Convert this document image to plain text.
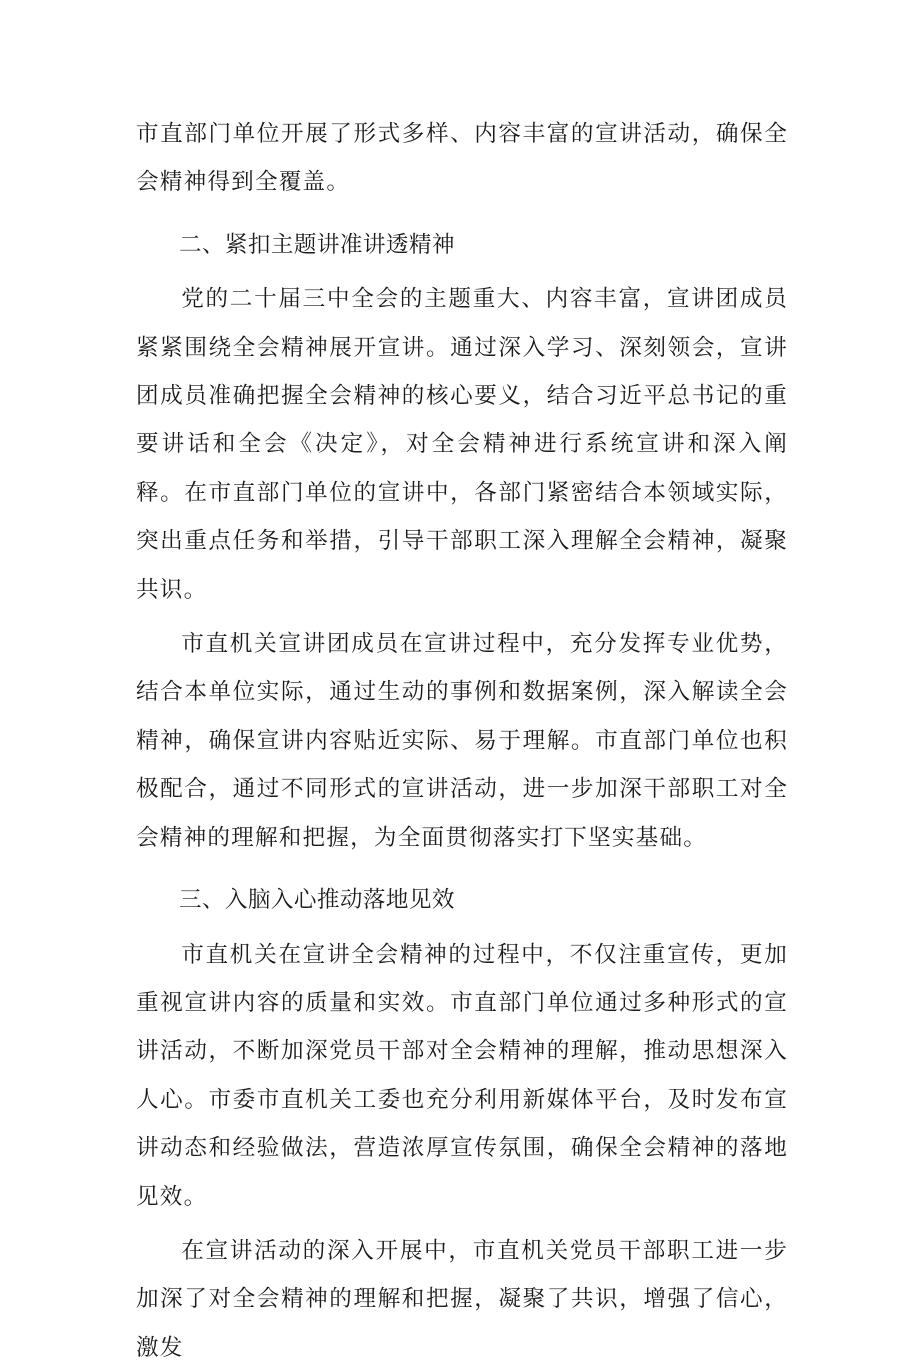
市直部门单位开展了形式多样、内容丰富的宣讲活动，确保全会精神得到全覆盖。

二、紧扣主题讲准讲透精神

党的二十届三中全会的主题重大、内容丰富，宣讲团成员紧紧围绕全会精神展开宣讲。通过深入学习、深刻领会，宣讲团成员准确把握全会精神的核心要义，结合习近平总书记的重要讲话和全会《决定》，对全会精神进行系统宣讲和深入阐释。在市直部门单位的宣讲中，各部门紧密结合本领域实际，突出重点任务和举措，引导干部职工深入理解全会精神，凝聚共识。

市直机关宣讲团成员在宣讲过程中，充分发挥专业优势，结合本单位实际，通过生动的事例和数据案例，深入解读全会精神，确保宣讲内容贴近实际、易于理解。市直部门单位也积极配合，通过不同形式的宣讲活动，进一步加深干部职工对全会精神的理解和把握，为全面贯彻落实打下坚实基础。

三、入脑入心推动落地见效

市直机关在宣讲全会精神的过程中，不仅注重宣传，更加重视宣讲内容的质量和实效。市直部门单位通过多种形式的宣讲活动，不断加深党员干部对全会精神的理解，推动思想深入人心。市委市直机关工委也充分利用新媒体平台，及时发布宣讲动态和经验做法，营造浓厚宣传氛围，确保全会精神的落地见效。

在宣讲活动的深入开展中，市直机关党员干部职工进一步加深了对全会精神的理解和把握，凝聚了共识，增强了信心，激发
